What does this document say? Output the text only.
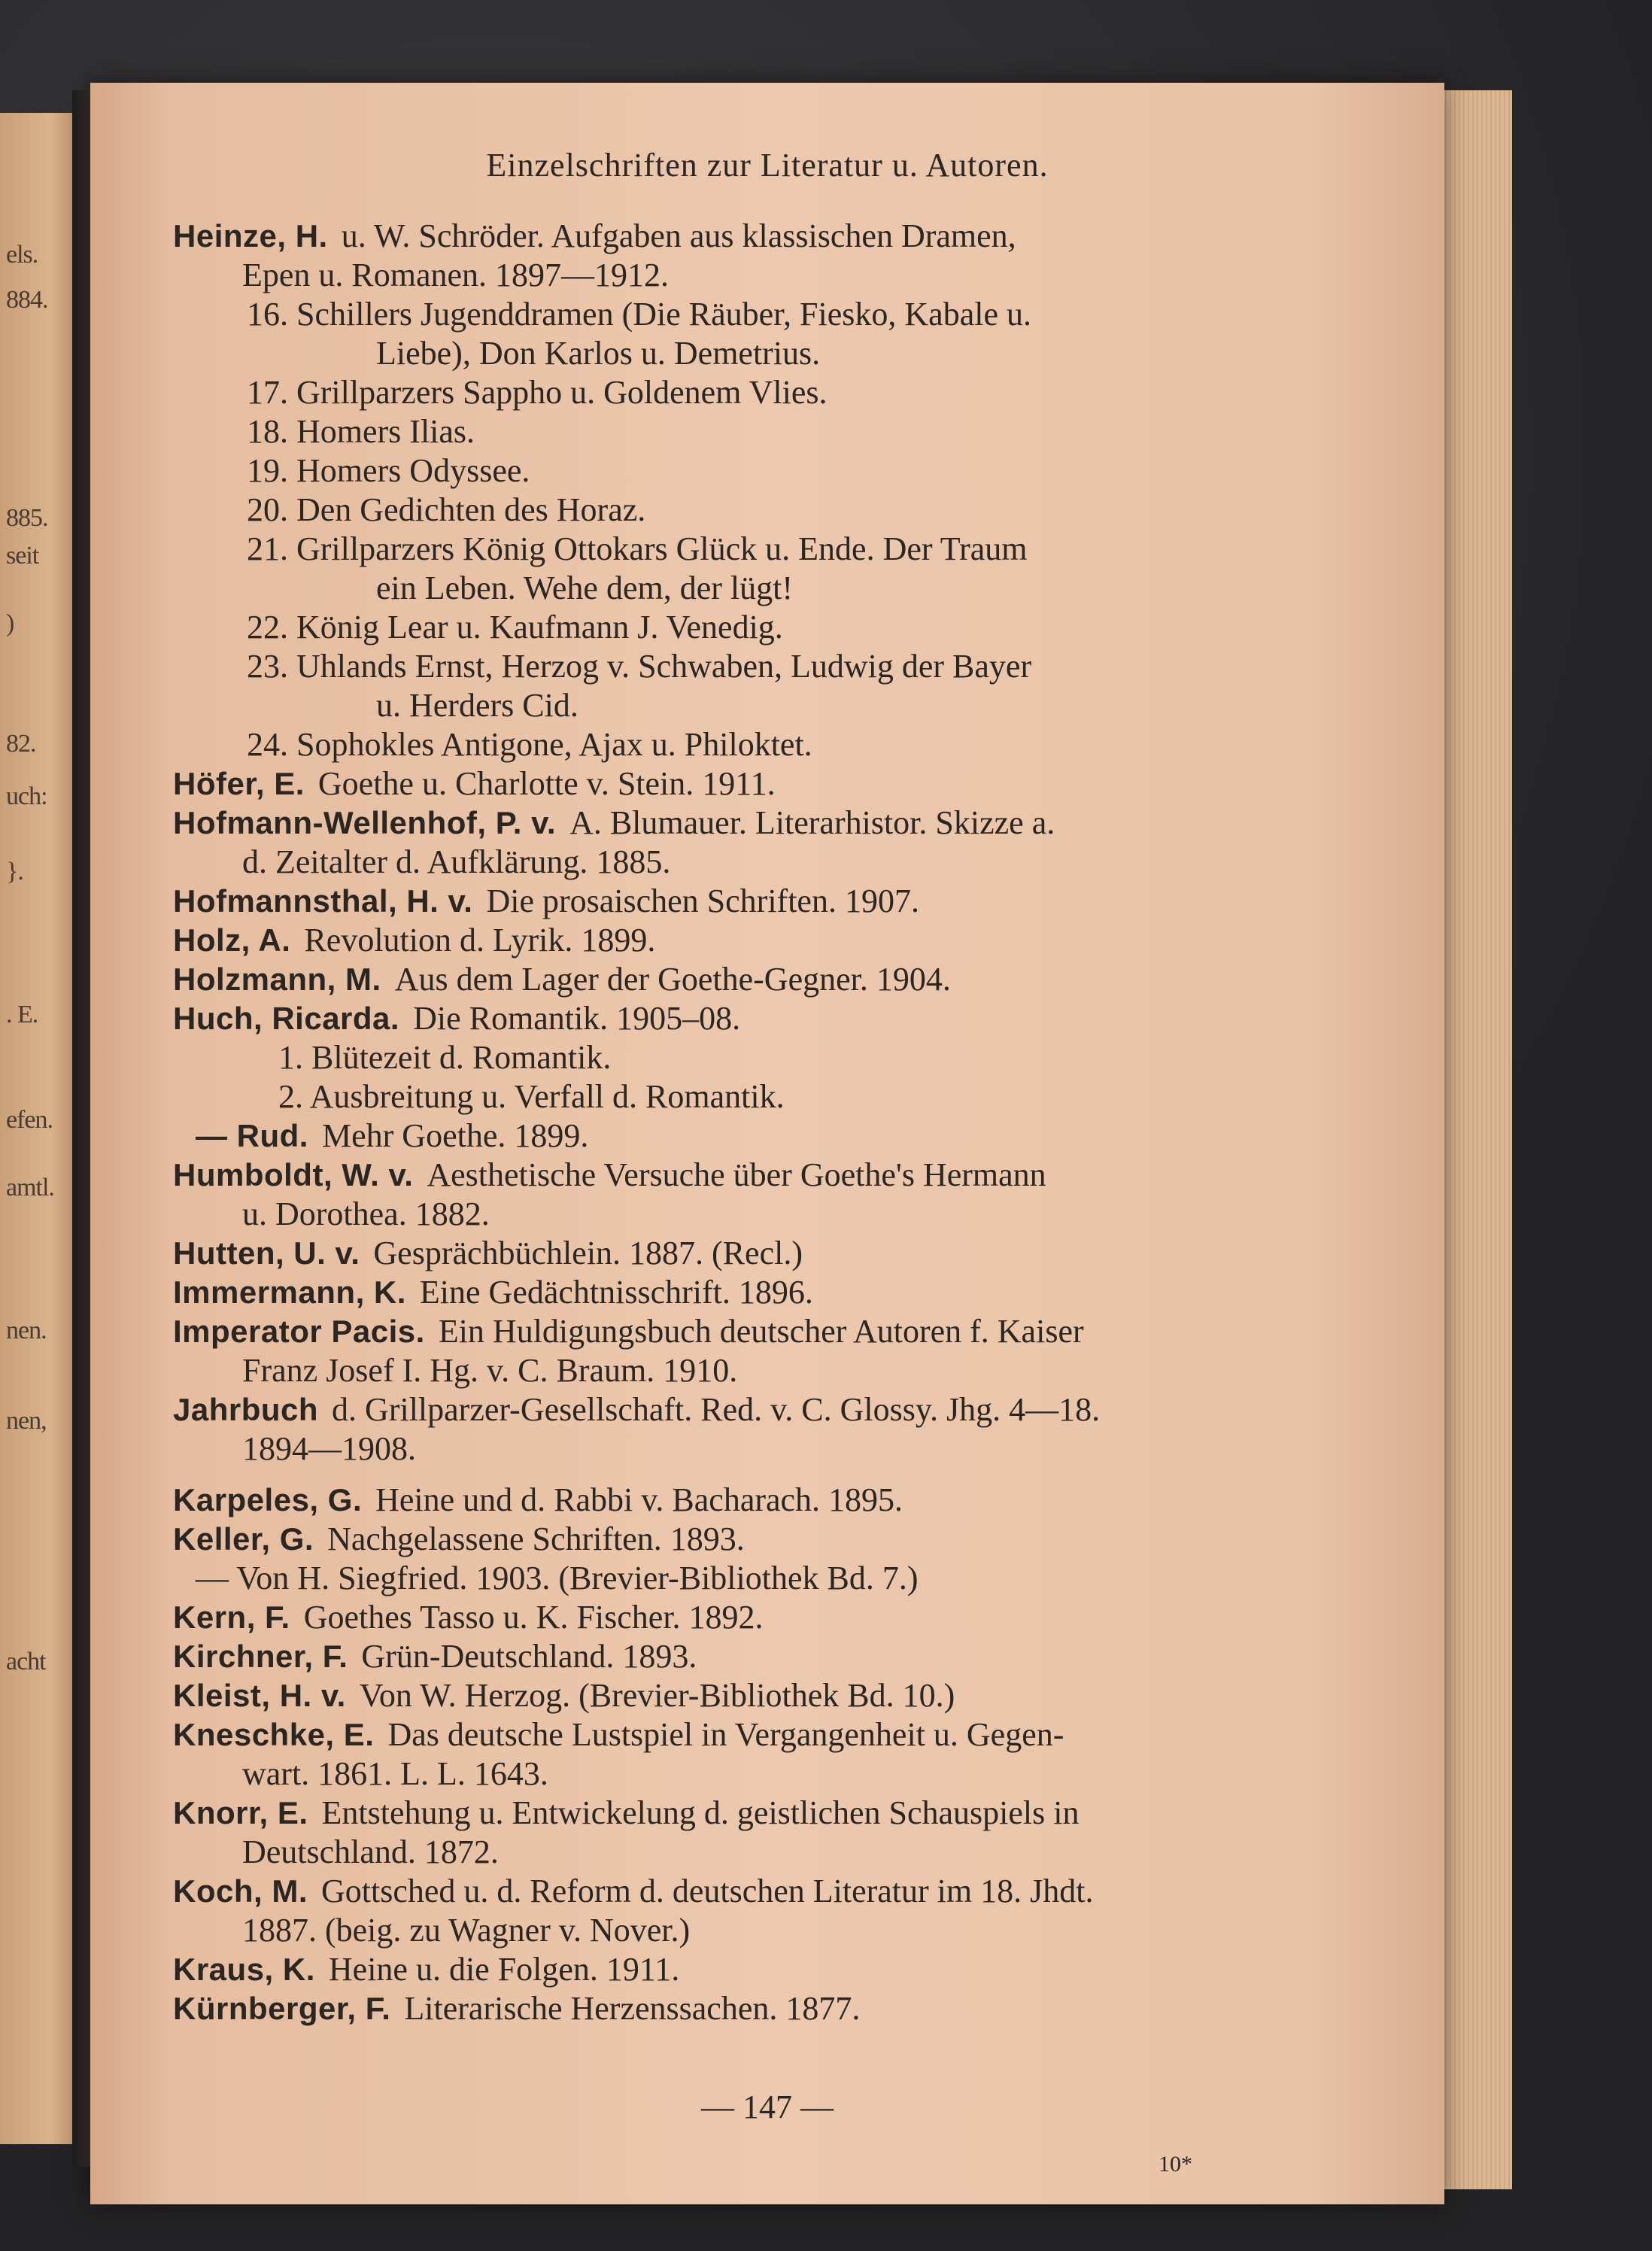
els.
884.
885.
seit
)
82.
uch:
}.
. E.
efen.
amtl.
nen.
nen,
acht
Einzelschriften zur Literatur u. Autoren.
Heinze, H. u. W. Schröder. Aufgaben aus klassischen Dramen,
Epen u. Romanen. 1897—1912.
16. Schillers Jugenddramen (Die Räuber, Fiesko, Kabale u.
Liebe), Don Karlos u. Demetrius.
17. Grillparzers Sappho u. Goldenem Vlies.
18. Homers Ilias.
19. Homers Odyssee.
20. Den Gedichten des Horaz.
21. Grillparzers König Ottokars Glück u. Ende. Der Traum
ein Leben. Wehe dem, der lügt!
22. König Lear u. Kaufmann J. Venedig.
23. Uhlands Ernst, Herzog v. Schwaben, Ludwig der Bayer
u. Herders Cid.
24. Sophokles Antigone, Ajax u. Philoktet.
Höfer, E. Goethe u. Charlotte v. Stein. 1911.
Hofmann-Wellenhof, P. v. A. Blumauer. Literarhistor. Skizze a.
d. Zeitalter d. Aufklärung. 1885.
Hofmannsthal, H. v. Die prosaischen Schriften. 1907.
Holz, A. Revolution d. Lyrik. 1899.
Holzmann, M. Aus dem Lager der Goethe-Gegner. 1904.
Huch, Ricarda. Die Romantik. 1905–08.
1. Blütezeit d. Romantik.
2. Ausbreitung u. Verfall d. Romantik.
— Rud. Mehr Goethe. 1899.
Humboldt, W. v. Aesthetische Versuche über Goethe's Hermann
u. Dorothea. 1882.
Hutten, U. v. Gesprächbüchlein. 1887. (Recl.)
Immermann, K. Eine Gedächtnisschrift. 1896.
Imperator Pacis. Ein Huldigungsbuch deutscher Autoren f. Kaiser
Franz Josef I. Hg. v. C. Braum. 1910.
Jahrbuch d. Grillparzer-Gesellschaft. Red. v. C. Glossy. Jhg. 4—18.
1894—1908.
Karpeles, G. Heine und d. Rabbi v. Bacharach. 1895.
Keller, G. Nachgelassene Schriften. 1893.
— Von H. Siegfried. 1903. (Brevier-Bibliothek Bd. 7.)
Kern, F. Goethes Tasso u. K. Fischer. 1892.
Kirchner, F. Grün-Deutschland. 1893.
Kleist, H. v. Von W. Herzog. (Brevier-Bibliothek Bd. 10.)
Kneschke, E. Das deutsche Lustspiel in Vergangenheit u. Gegen-
wart. 1861. L. L. 1643.
Knorr, E. Entstehung u. Entwickelung d. geistlichen Schauspiels in
Deutschland. 1872.
Koch, M. Gottsched u. d. Reform d. deutschen Literatur im 18. Jhdt.
1887. (beig. zu Wagner v. Nover.)
Kraus, K. Heine u. die Folgen. 1911.
Kürnberger, F. Literarische Herzenssachen. 1877.
— 147 —
10*
